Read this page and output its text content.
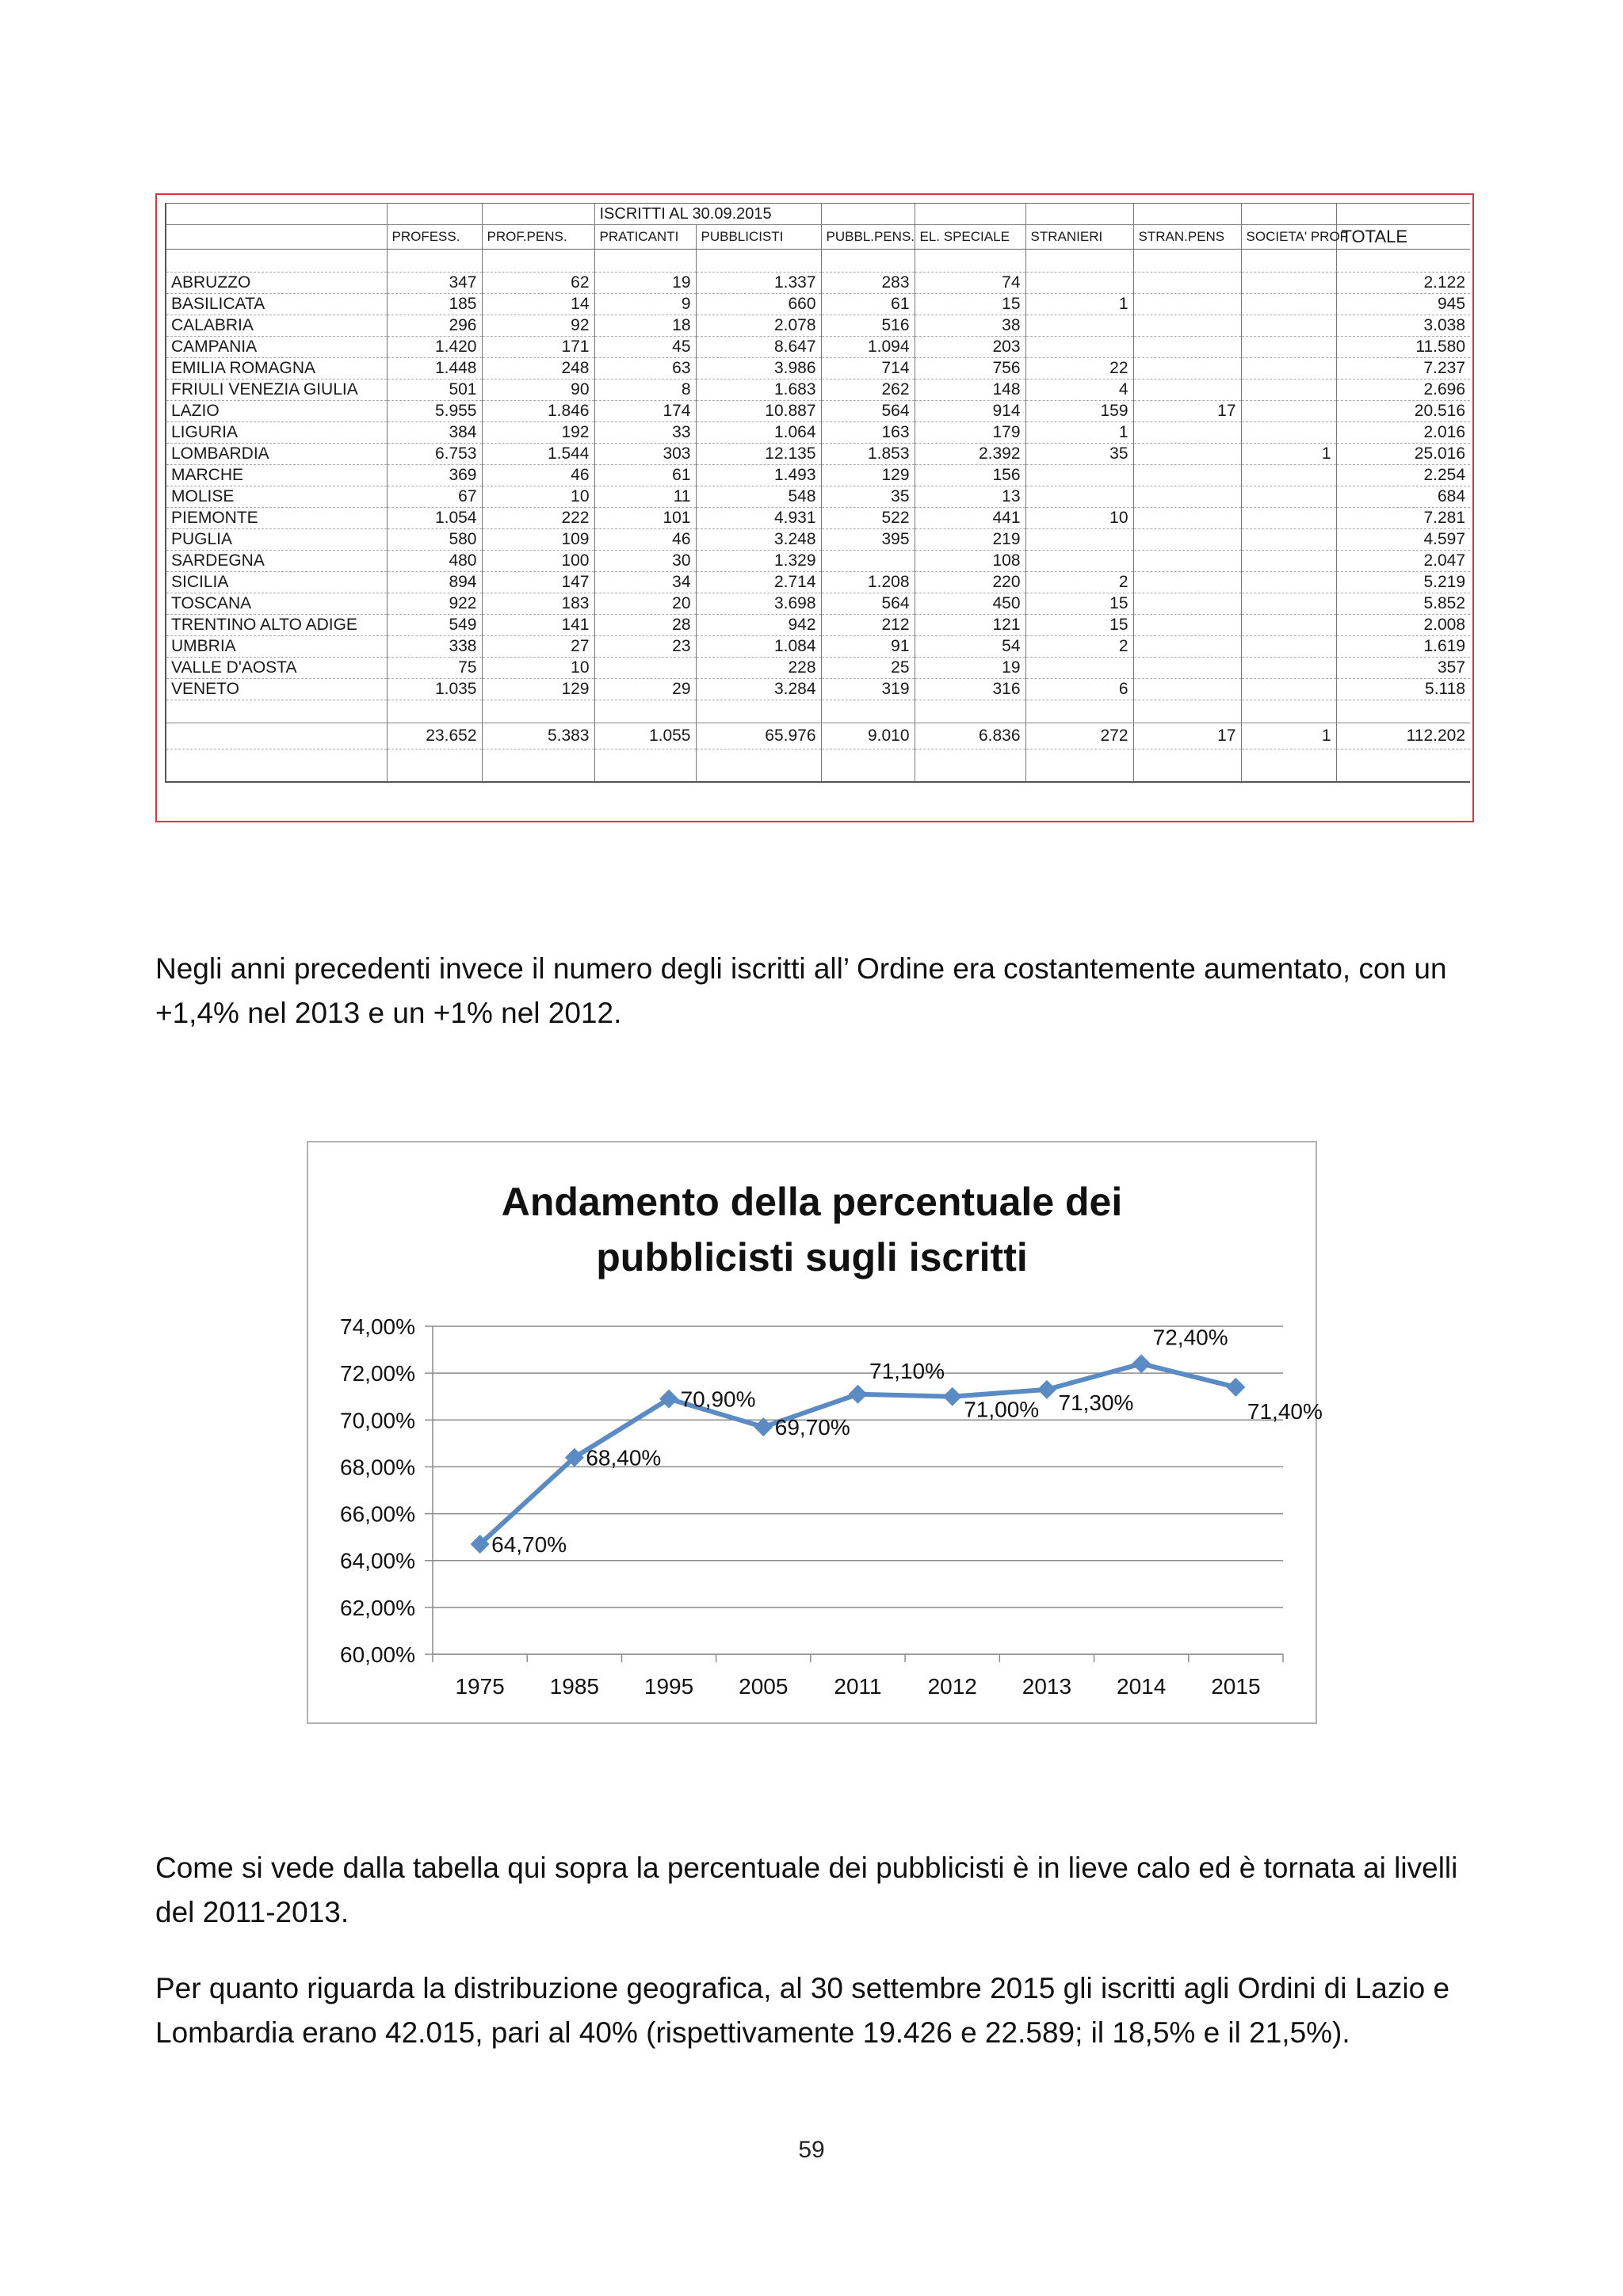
			ISCRITTI AL 30.09.2015							
	PROFESS.	PROF.PENS.	PRATICANTI	PUBBLICISTI	PUBBL.PENS.	EL. SPECIALE	STRANIERI	STRAN.PENS	SOCIETA' PROF	TOTALE

ABRUZZO	347	62	19	1.337	283	74				2.122
BASILICATA	185	14	9	660	61	15	1			945
CALABRIA	296	92	18	2.078	516	38				3.038
CAMPANIA	1.420	171	45	8.647	1.094	203				11.580
EMILIA ROMAGNA	1.448	248	63	3.986	714	756	22			7.237
FRIULI VENEZIA GIULIA	501	90	8	1.683	262	148	4			2.696
LAZIO	5.955	1.846	174	10.887	564	914	159	17		20.516
LIGURIA	384	192	33	1.064	163	179	1			2.016
LOMBARDIA	6.753	1.544	303	12.135	1.853	2.392	35		1	25.016
MARCHE	369	46	61	1.493	129	156				2.254
MOLISE	67	10	11	548	35	13				684
PIEMONTE	1.054	222	101	4.931	522	441	10			7.281
PUGLIA	580	109	46	3.248	395	219				4.597
SARDEGNA	480	100	30	1.329		108				2.047
SICILIA	894	147	34	2.714	1.208	220	2			5.219
TOSCANA	922	183	20	3.698	564	450	15			5.852
TRENTINO ALTO ADIGE	549	141	28	942	212	121	15			2.008
UMBRIA	338	27	23	1.084	91	54	2			1.619
VALLE D'AOSTA	75	10		228	25	19				357
VENETO	1.035	129	29	3.284	319	316	6			5.118

	23.652	5.383	1.055	65.976	9.010	6.836	272	17	1	112.202

Negli anni precedenti invece il numero degli iscritti all’ Ordine era costantemente aumentato, con un +1,4% nel 2013 e un +1% nel 2012.

Andamento della percentuale dei
pubblicisti sugli iscritti
60,00%
62,00%
64,00%
66,00%
68,00%
70,00%
72,00%
74,00%
1975 1985 1995 2005 2011 2012 2013 2014 2015
64,70%
68,40%
70,90%
69,70%
71,10%
71,00% 71,30%
72,40%
71,40%

Come si vede dalla tabella qui sopra la percentuale dei pubblicisti è in lieve calo ed è tornata ai livelli del 2011-2013.

Per quanto riguarda la distribuzione geografica, al 30 settembre 2015 gli iscritti agli Ordini di Lazio e Lombardia erano 42.015, pari al 40% (rispettivamente 19.426 e 22.589; il 18,5% e il 21,5%).

59
